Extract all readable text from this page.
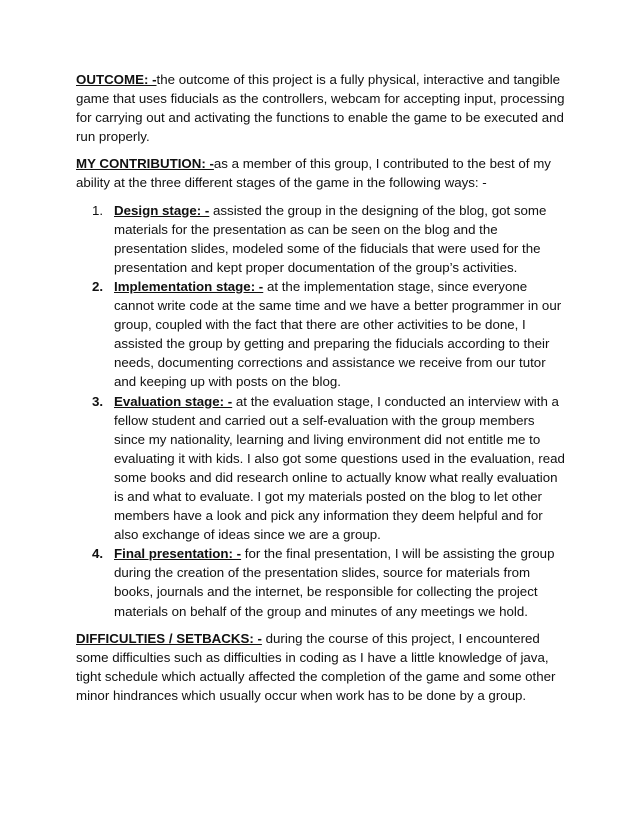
OUTCOME: -the outcome of this project is a fully physical, interactive and tangible game that uses fiducials as the controllers, webcam for accepting input, processing for carrying out and activating the functions to enable the game to be executed and run properly.

MY CONTRIBUTION: -as a member of this group, I contributed to the best of my ability at the three different stages of the game in the following ways: -

1. Design stage: - assisted the group in the designing of the blog, got some materials for the presentation as can be seen on the blog and the presentation slides, modeled some of the fiducials that were used for the presentation and kept proper documentation of the group’s activities.
2. Implementation stage: - at the implementation stage, since everyone cannot write code at the same time and we have a better programmer in our group, coupled with the fact that there are other activities to be done, I assisted the group by getting and preparing the fiducials according to their needs, documenting corrections and assistance we receive from our tutor and keeping up with posts on the blog.
3. Evaluation stage: - at the evaluation stage, I conducted an interview with a fellow student and carried out a self-evaluation with the group members since my nationality, learning and living environment did not entitle me to evaluating it with kids. I also got some questions used in the evaluation, read some books and did research online to actually know what really evaluation is and what to evaluate. I got my materials posted on the blog to let other members have a look and pick any information they deem helpful and for also exchange of ideas since we are a group.
4. Final presentation: - for the final presentation, I will be assisting the group during the creation of the presentation slides, source for materials from books, journals and the internet, be responsible for collecting the project materials on behalf of the group and minutes of any meetings we hold.

DIFFICULTIES / SETBACKS: - during the course of this project, I encountered some difficulties such as difficulties in coding as I have a little knowledge of java, tight schedule which actually affected the completion of the game and some other minor hindrances which usually occur when work has to be done by a group.
